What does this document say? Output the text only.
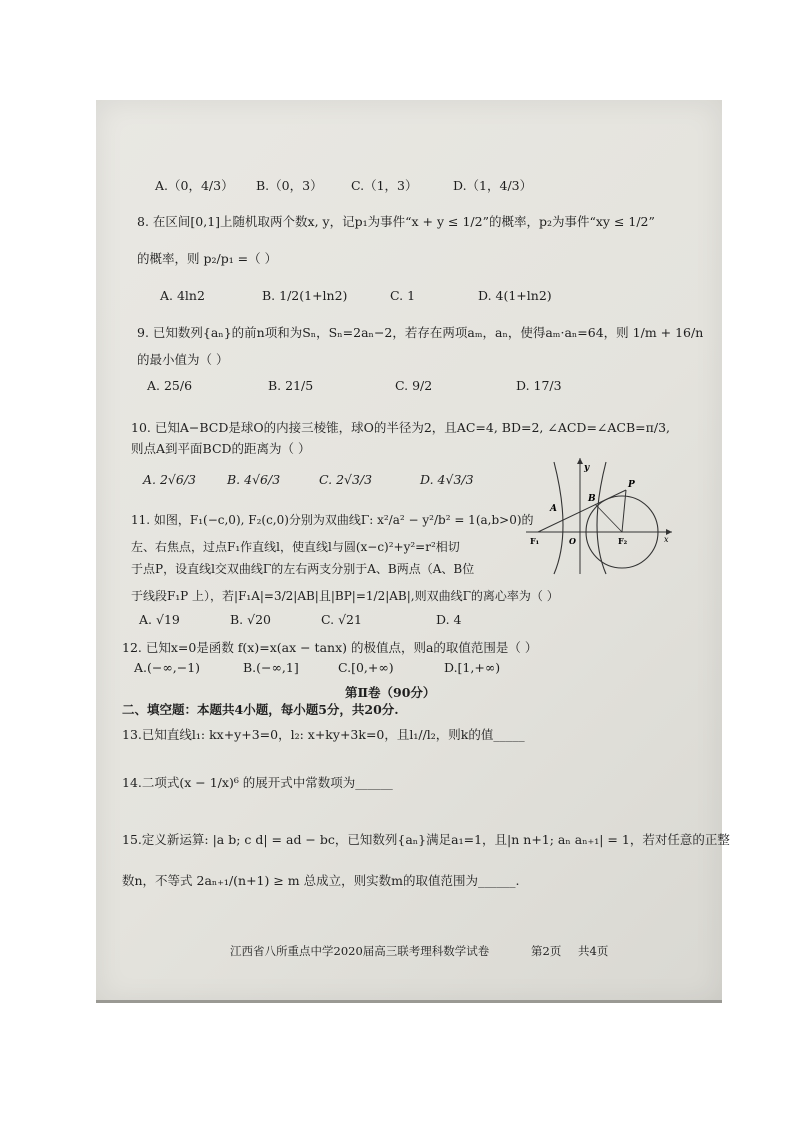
A.（0，4/3） B.（0，3） C.（1，3）	D.（1，4/3）
8. 在区间[0,1]上随机取两个数x, y，记p₁为事件“x + y ≤ 1/2”的概率，p₂为事件“xy ≤ 1/2”
的概率，则 p₂/p₁ =（ ）
A. 4ln2	B. 1/2(1+ln2)	C. 1	D. 4(1+ln2)
9. 已知数列{aₙ}的前n项和为Sₙ，Sₙ=2aₙ−2，若存在两项aₘ，aₙ，使得aₘ·aₙ=64，则 1/m + 16/n
的最小值为（ ）
A. 25/6	B. 21/5	C. 9/2	D. 17/3
10. 已知A−BCD是球O的内接三棱锥，球O的半径为2，且AC=4, BD=2, ∠ACD=∠ACB=π/3,
则点A到平面BCD的距离为（ ）
A. 2√6/3 B. 4√6/3	C. 2√3/3	D. 4√3/3
11. 如图，F₁(−c,0), F₂(c,0)分别为双曲线Γ: x²/a² − y²/b² = 1(a,b>0)的
左、右焦点，过点F₁作直线l，使直线l与圆(x−c)²+y²=r²相切
于点P，设直线l交双曲线Γ的左右两支分别于A、B两点（A、B位
于线段F₁P 上），若|F₁A|=3/2|AB|且|BP|=1/2|AB|,则双曲线Γ的离心率为（ ）
A. √19	B. √20	C. √21	D. 4
y
B
P
A
F₁	O	F₂	x
12. 已知x=0是函数 f(x)=x(ax − tanx) 的极值点，则a的取值范围是（ ）
A.(−∞,−1)	B.(−∞,1]	C.[0,+∞)	D.[1,+∞)
第Ⅱ卷（90分）
二、填空题：本题共4小题，每小题5分，共20分.
13.已知直线l₁: kx+y+3=0，l₂: x+ky+3k=0，且l₁//l₂，则k的值_____
14.二项式(x − 1/x)⁶ 的展开式中常数项为______
15.定义新运算: |a b; c d| = ad − bc，已知数列{aₙ}满足a₁=1，且|n n+1; aₙ aₙ₊₁| = 1，若对任意的正整
数n，不等式 2aₙ₊₁/(n+1) ≥ m 总成立，则实数m的取值范围为______.
江西省八所重点中学2020届高三联考理科数学试卷	第2页 共4页
